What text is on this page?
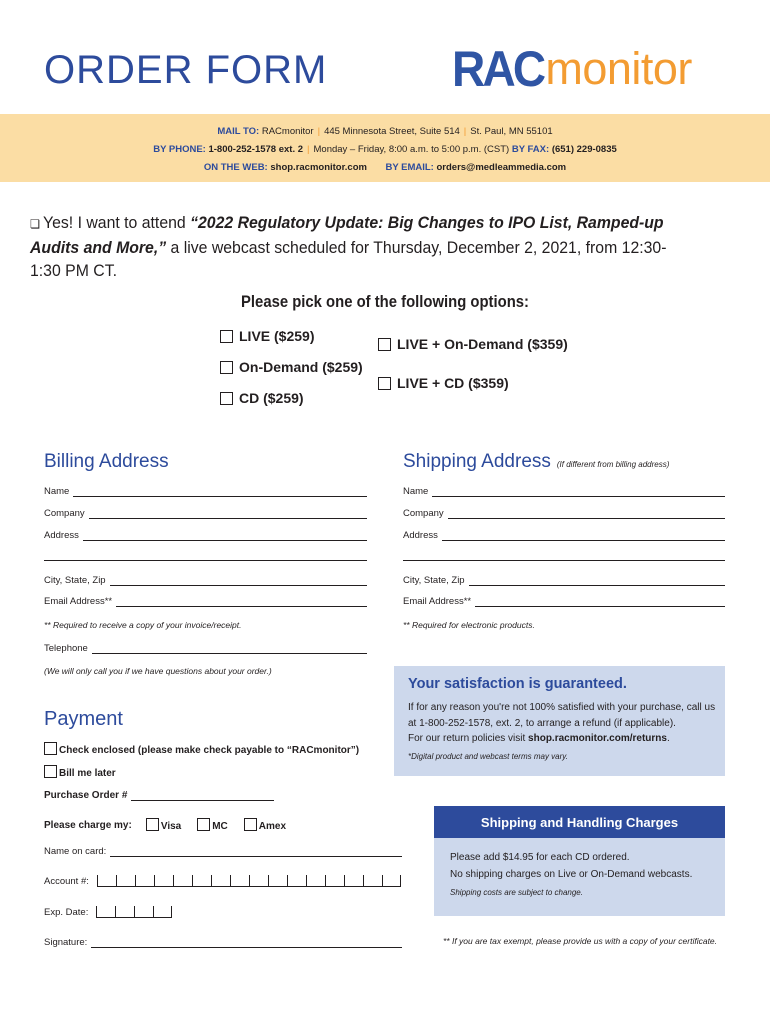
ORDER FORM RAC monitor
MAIL TO: RACmonitor | 445 Minnesota Street, Suite 514 | St. Paul, MN 55101
BY PHONE: 1-800-252-1578 ext. 2 | Monday – Friday, 8:00 a.m. to 5:00 p.m. (CST) BY FAX: (651) 229-0835
ON THE WEB: shop.racmonitor.com BY EMAIL: orders@medleammedia.com
❏ Yes! I want to attend “2022 Regulatory Update: Big Changes to IPO List, Ramped-up Audits and More,” a live webcast scheduled for Thursday, December 2, 2021, from 12:30-1:30 PM CT.
Please pick one of the following options:
LIVE ($259)
On-Demand ($259)
CD ($259)
LIVE + On-Demand ($359)
LIVE + CD ($359)
Billing Address
Name
Company
Address
City, State, Zip
Email Address**
** Required to receive a copy of your invoice/receipt.
Telephone
(We will only call you if we have questions about your order.)
Shipping Address (If different from billing address)
Name
Company
Address
City, State, Zip
Email Address**
** Required for electronic products.
Your satisfaction is guaranteed.
If for any reason you're not 100% satisfied with your purchase, call us at 1-800-252-1578, ext. 2, to arrange a refund (if applicable).
For our return policies visit shop.racmonitor.com/returns.
*Digital product and webcast terms may vary.
Payment
Check enclosed (please make check payable to “RACmonitor”)
Bill me later
Purchase Order #
Please charge my:	Visa	MC	Amex
Name on card:
Account #:
Exp. Date:
Signature:
Shipping and Handling Charges
Please add $14.95 for each CD ordered.
No shipping charges on Live or On-Demand webcasts.
Shipping costs are subject to change.
** If you are tax exempt, please provide us with a copy of your certificate.
